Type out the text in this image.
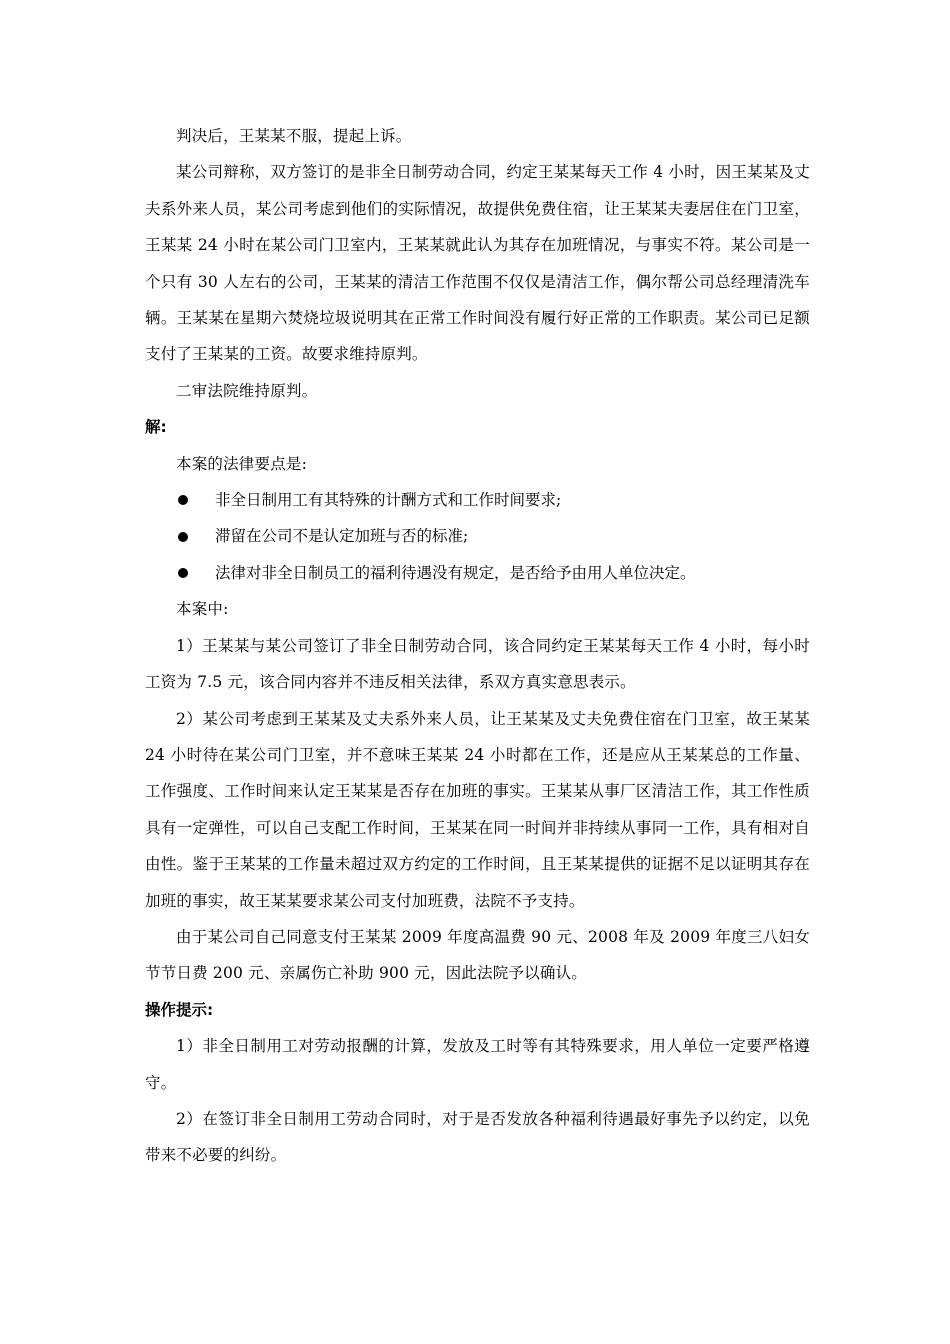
判决后，王某某不服，提起上诉。

某公司辩称，双方签订的是非全日制劳动合同，约定王某某每天工作 4 小时，因王某某及丈夫系外来人员，某公司考虑到他们的实际情况，故提供免费住宿，让王某某夫妻居住在门卫室，王某某 24 小时在某公司门卫室内，王某某就此认为其存在加班情况，与事实不符。某公司是一个只有 30 人左右的公司，王某某的清洁工作范围不仅仅是清洁工作，偶尔帮公司总经理清洗车辆。王某某在星期六焚烧垃圾说明其在正常工作时间没有履行好正常的工作职责。某公司已足额支付了王某某的工资。故要求维持原判。

二审法院维持原判。

解:

本案的法律要点是:

非全日制用工有其特殊的计酬方式和工作时间要求;
滞留在公司不是认定加班与否的标准;
法律对非全日制员工的福利待遇没有规定，是否给予由用人单位决定。

本案中:

1）王某某与某公司签订了非全日制劳动合同，该合同约定王某某每天工作 4 小时，每小时工资为 7.5 元，该合同内容并不违反相关法律，系双方真实意思表示。

2）某公司考虑到王某某及丈夫系外来人员，让王某某及丈夫免费住宿在门卫室，故王某某 24 小时待在某公司门卫室，并不意味王某某 24 小时都在工作，还是应从王某某总的工作量、工作强度、工作时间来认定王某某是否存在加班的事实。王某某从事厂区清洁工作，其工作性质具有一定弹性，可以自己支配工作时间，王某某在同一时间并非持续从事同一工作，具有相对自由性。鉴于王某某的工作量未超过双方约定的工作时间，且王某某提供的证据不足以证明其存在加班的事实，故王某某要求某公司支付加班费，法院不予支持。

由于某公司自己同意支付王某某 2009 年度高温费 90 元、2008 年及 2009 年度三八妇女节节日费 200 元、亲属伤亡补助 900 元，因此法院予以确认。

操作提示:

1）非全日制用工对劳动报酬的计算，发放及工时等有其特殊要求，用人单位一定要严格遵守。

2）在签订非全日制用工劳动合同时，对于是否发放各种福利待遇最好事先予以约定，以免带来不必要的纠纷。
